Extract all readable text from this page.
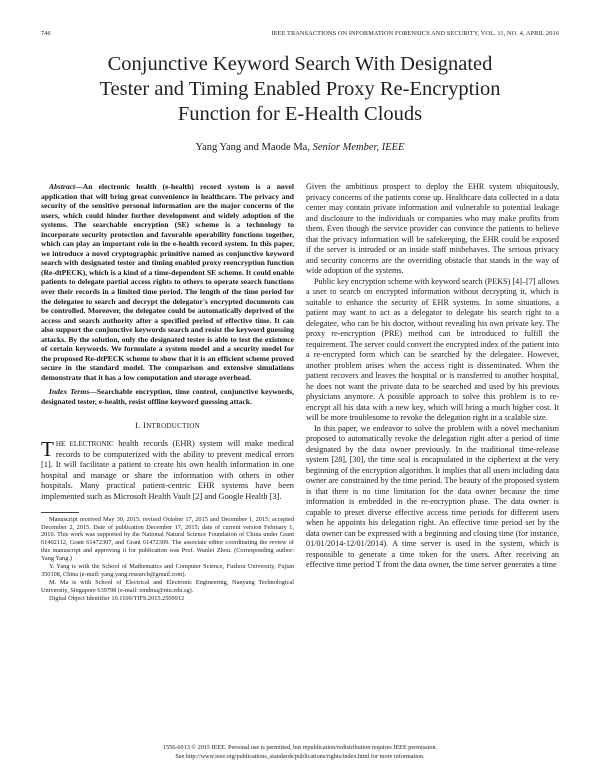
746	IEEE TRANSACTIONS ON INFORMATION FORENSICS AND SECURITY, VOL. 11, NO. 4, APRIL 2016
Conjunctive Keyword Search With Designated
Tester and Timing Enabled Proxy Re-Encryption
Function for E-Health Clouds
Yang Yang and Maode Ma, Senior Member, IEEE

Abstract—An electronic health (e-health) record system is a novel application that will bring great convenience in healthcare. The privacy and security of the sensitive personal information are the major concerns of the users, which could hinder further development and widely adoption of the systems. The searchable encryption (SE) scheme is a technology to incorporate security protection and favorable operability functions together, which can play an important role in the e-health record system. In this paper, we introduce a novel cryptographic primitive named as conjunctive keyword search with designated tester and timing enabled proxy reencryption function (Re-dtPECK), which is a kind of a time-dependent SE scheme. It could enable patients to delegate partial access rights to others to operate search functions over their records in a limited time period. The length of the time period for the delegatee to search and decrypt the delegator's encrypted documents can be controlled. Moreover, the delegatee could be automatically deprived of the access and search authority after a specified period of effective time. It can also support the conjunctive keywords search and resist the keyword guessing attacks. By the solution, only the designated tester is able to test the existence of certain keywords. We formulate a system model and a security model for the proposed Re-dtPECK scheme to show that it is an efficient scheme proved secure in the standard model. The comparison and extensive simulations demonstrate that it has a low computation and storage overhead.

Index Terms—Searchable encryption, time control, conjunctive keywords, designated tester, e-health, resist offline keyword guessing attack.

I. INTRODUCTION

THE ELECTRONIC health records (EHR) system will make medical records to be computerized with the ability to prevent medical errors [1]. It will facilitate a patient to create his own health information in one hospital and manage or share the information with others in other hospitals. Many practical patient-centric EHR systems have been implemented such as Microsoft Health Vault [2] and Google Health [3].

Manuscript received May 30, 2015; revised October 17, 2015 and December 1, 2015; accepted December 2, 2015. Date of publication December 17, 2015; date of current version February 1, 2016. This work was supported by the National Natural Science Foundation of China under Grant 61402112, Grant 61472307, and Grant 61472309. The associate editor coordinating the review of this manuscript and approving it for publication was Prof. Wanlei Zhou. (Corresponding author: Yang Yang.)

Y. Yang is with the School of Mathematics and Computer Science, Fuzhou University, Fujian 350108, China (e-mail: yang.yang.research@gmail.com).

M. Ma is with School of Electrical and Electronic Engineering, Nanyang Technological University, Singapore 639798 (e-mail: emdma@ntu.edu.sg).

Digital Object Identifier 10.1109/TIFS.2015.2509912

Given the ambitious prospect to deploy the EHR system ubiquitously, privacy concerns of the patients come up. Healthcare data collected in a data center may contain private information and vulnerable to potential leakage and disclosure to the individuals or companies who may make profits from them. Even though the service provider can convince the patients to believe that the privacy information will be safekeeping, the EHR could be exposed if the server is intruded or an inside staff misbehaves. The serious privacy and security concerns are the overriding obstacle that stands in the way of wide adoption of the systems.

Public key encryption scheme with keyword search (PEKS) [4]–[7] allows a user to search on encrypted information without decrypting it, which is suitable to enhance the security of EHR systems. In some situations, a patient may want to act as a delegator to delegate his search right to a delegatee, who can be his doctor, without revealing his own private key. The proxy re-encryption (PRE) method can be introduced to fulfill the requirement. The server could convert the encrypted index of the patient into a re-encrypted form which can be searched by the delegatee. However, another problem arises when the access right is disseminated. When the patient recovers and leaves the hospital or is transferred to another hospital, he does not want the private data to be searched and used by his previous physicians anymore. A possible approach to solve this problem is to re-encrypt all his data with a new key, which will bring a much higher cost. It will be more troublesome to revoke the delegation right in a scalable size.

In this paper, we endeavor to solve the problem with a novel mechanism proposed to automatically revoke the delegation right after a period of time designated by the data owner previously. In the traditional time-release system [28], [30], the time seal is encapsulated in the ciphertext at the very beginning of the encryption algorithm. It implies that all users including data owner are constrained by the time period. The beauty of the proposed system is that there is no time limitation for the data owner because the time information is embedded in the re-encryption phase. The data owner is capable to preset diverse effective access time periods for different users when he appoints his delegation right. An effective time period set by the data owner can be expressed with a beginning and closing time (for instance, 01/01/2014-12/01/2014). A time server is used in the system, which is responsible to generate a time token for the users. After receiving an effective time period T from the data owner, the time server generates a time

1556-6013 © 2015 IEEE. Personal use is permitted, but republication/redistribution requires IEEE permission.
See http://www.ieee.org/publications_standards/publications/rights/index.html for more information.
